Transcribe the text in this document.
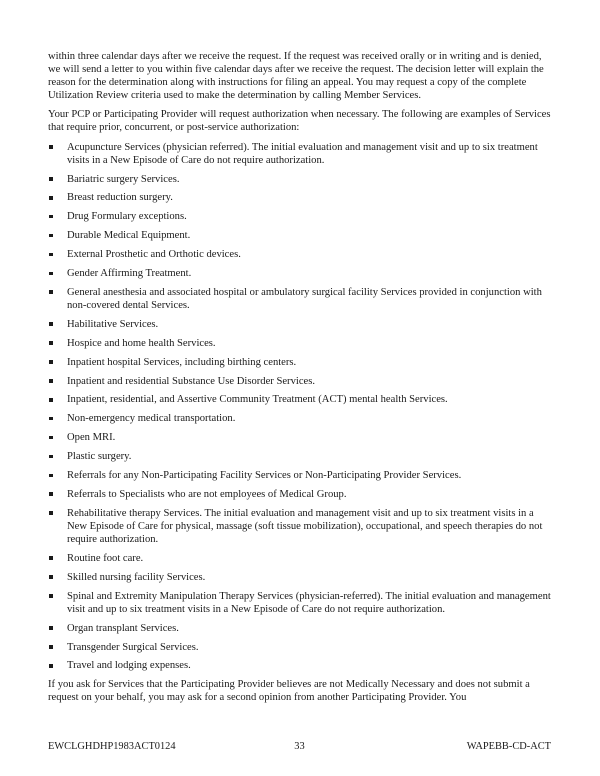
within three calendar days after we receive the request. If the request was received orally or in writing and is denied, we will send a letter to you within five calendar days after we receive the request. The decision letter will explain the reason for the determination along with instructions for filing an appeal. You may request a copy of the complete Utilization Review criteria used to make the determination by calling Member Services.

Your PCP or Participating Provider will request authorization when necessary. The following are examples of Services that require prior, concurrent, or post-service authorization:

Acupuncture Services (physician referred). The initial evaluation and management visit and up to six treatment visits in a New Episode of Care do not require authorization.
Bariatric surgery Services.
Breast reduction surgery.
Drug Formulary exceptions.
Durable Medical Equipment.
External Prosthetic and Orthotic devices.
Gender Affirming Treatment.
General anesthesia and associated hospital or ambulatory surgical facility Services provided in conjunction with non-covered dental Services.
Habilitative Services.
Hospice and home health Services.
Inpatient hospital Services, including birthing centers.
Inpatient and residential Substance Use Disorder Services.
Inpatient, residential, and Assertive Community Treatment (ACT) mental health Services.
Non-emergency medical transportation.
Open MRI.
Plastic surgery.
Referrals for any Non-Participating Facility Services or Non-Participating Provider Services.
Referrals to Specialists who are not employees of Medical Group.
Rehabilitative therapy Services. The initial evaluation and management visit and up to six treatment visits in a New Episode of Care for physical, massage (soft tissue mobilization), occupational, and speech therapies do not require authorization.
Routine foot care.
Skilled nursing facility Services.
Spinal and Extremity Manipulation Therapy Services (physician-referred). The initial evaluation and management visit and up to six treatment visits in a New Episode of Care do not require authorization.
Organ transplant Services.
Transgender Surgical Services.
Travel and lodging expenses.

If you ask for Services that the Participating Provider believes are not Medically Necessary and does not submit a request on your behalf, you may ask for a second opinion from another Participating Provider. You

EWCLGHDHP1983ACT0124	33	WAPEBB-CD-ACT
